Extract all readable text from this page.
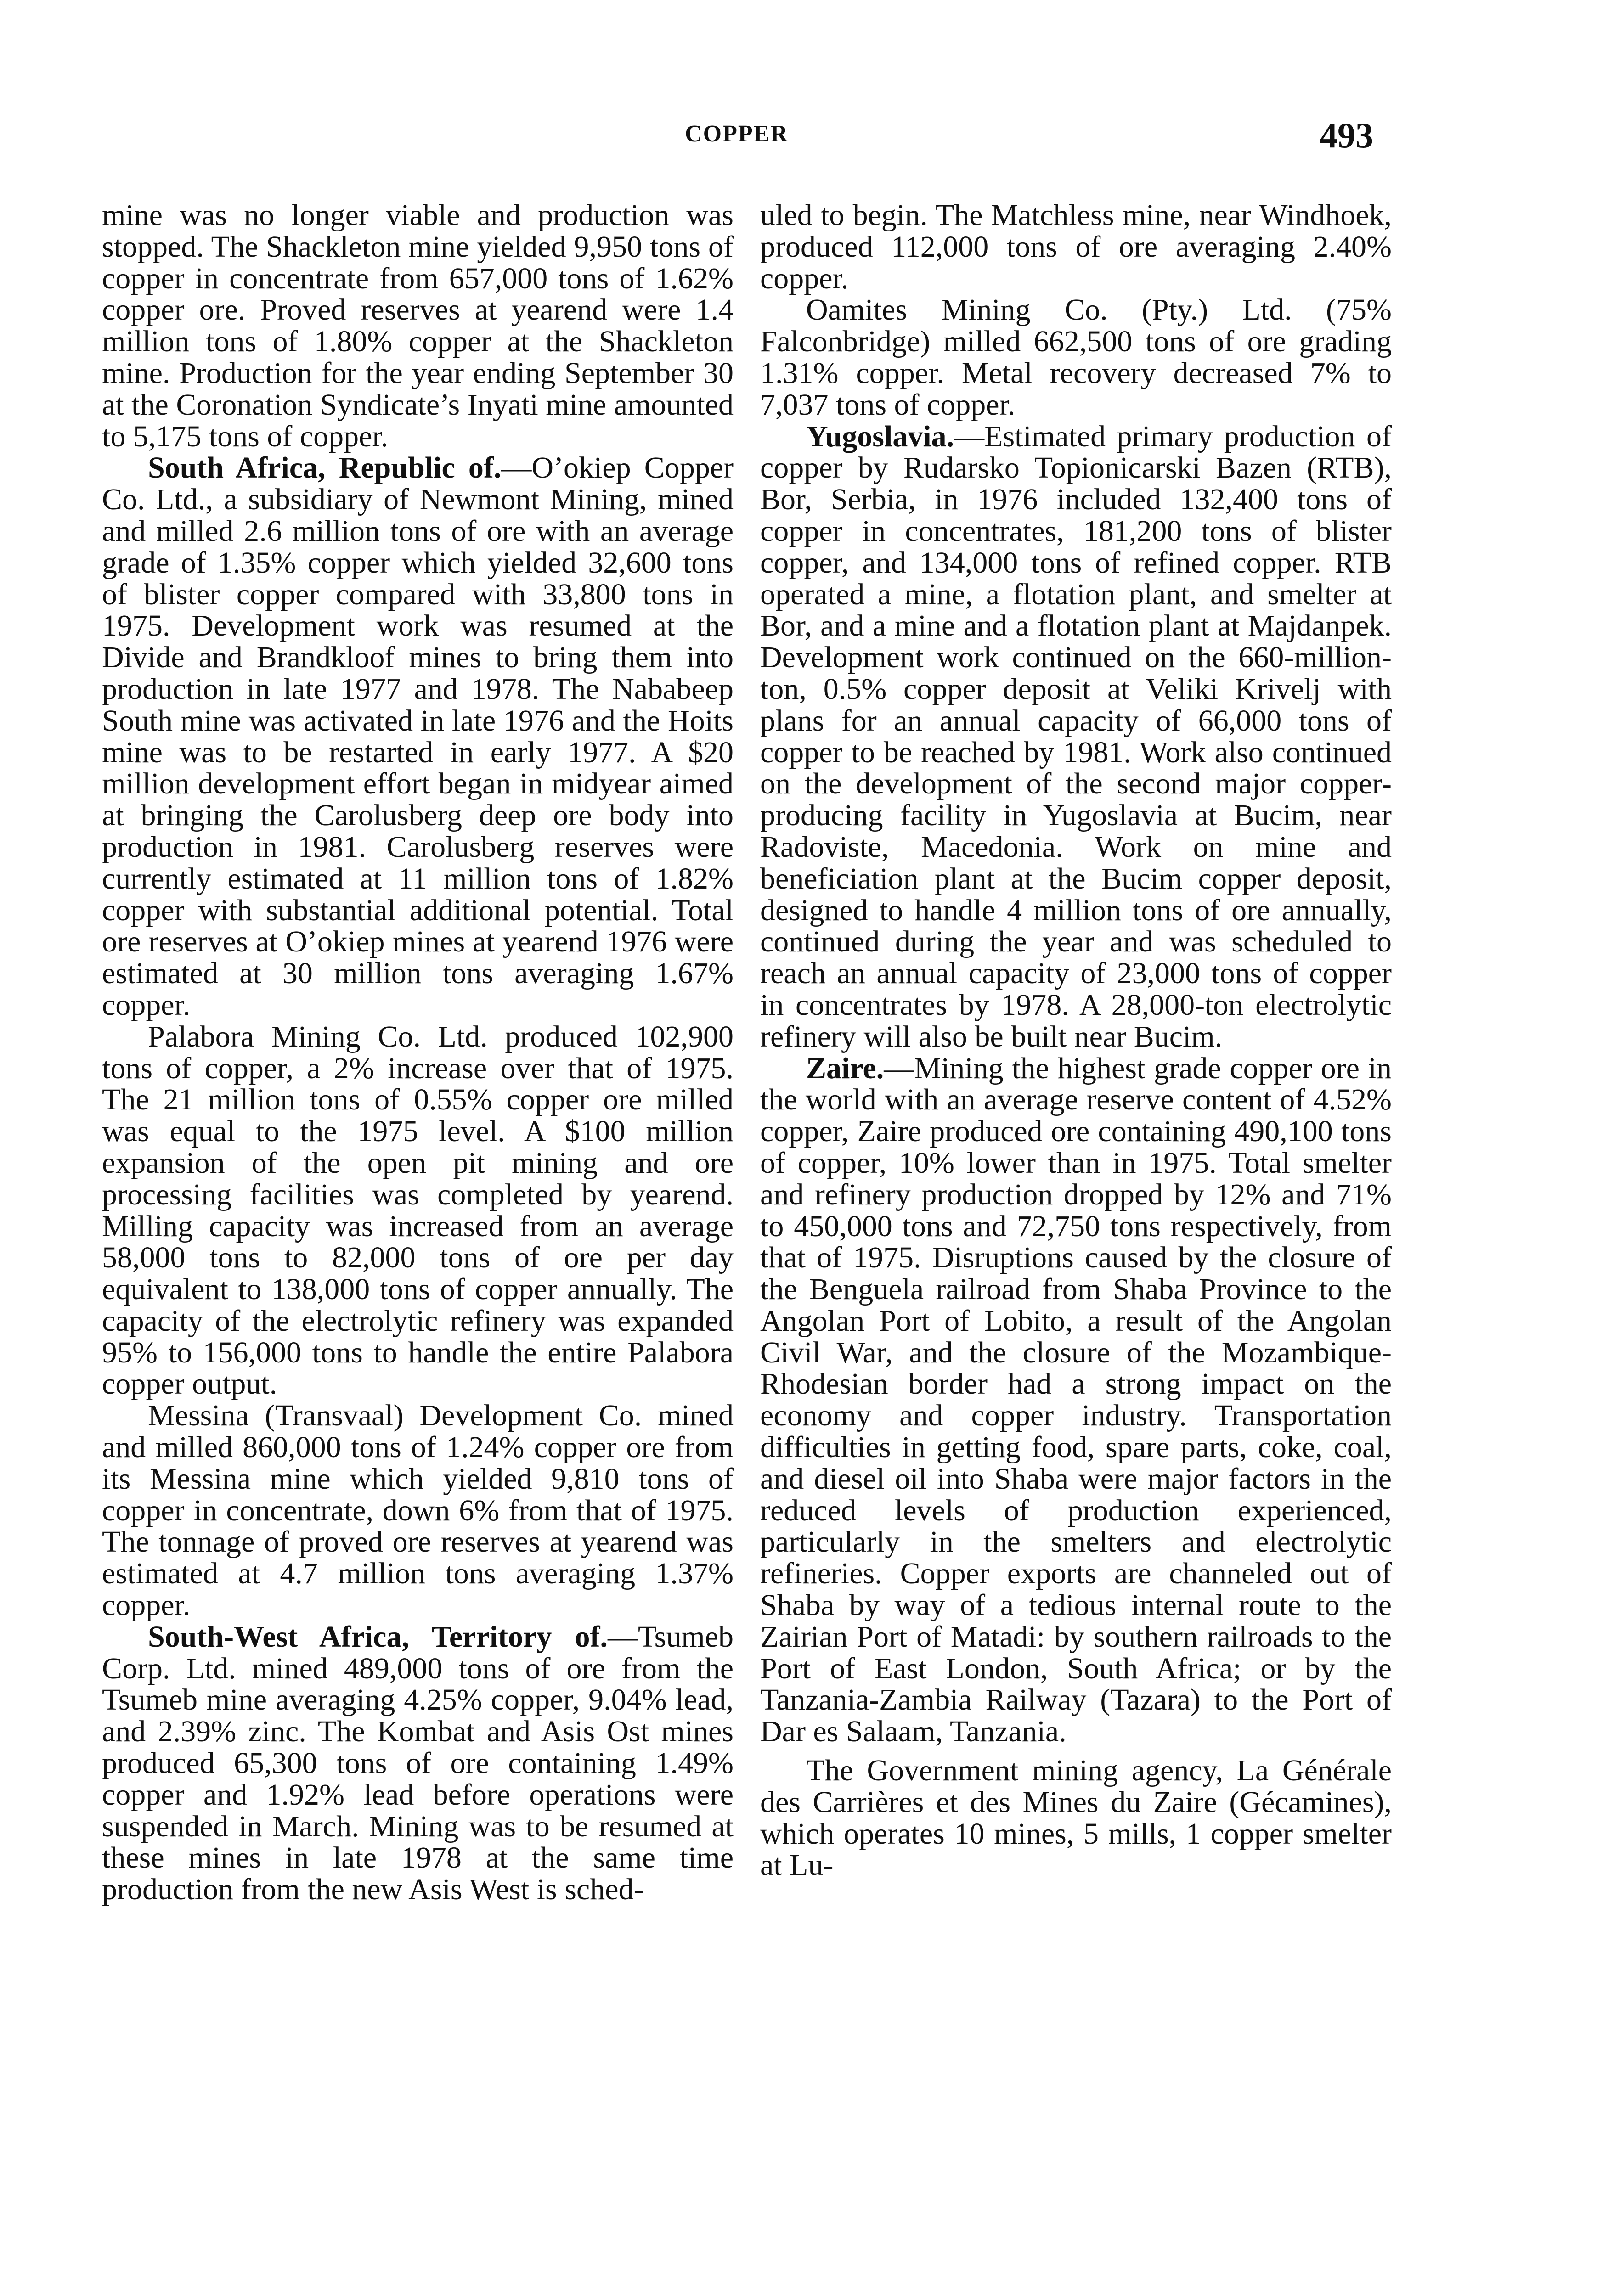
COPPER	493

mine was no longer viable and production was stopped. The Shackleton mine yielded 9,950 tons of copper in concentrate from 657,000 tons of 1.62% copper ore. Proved reserves at yearend were 1.4 million tons of 1.80% copper at the Shackleton mine. Production for the year ending September 30 at the Coronation Syndicate’s Inyati mine amounted to 5,175 tons of copper.

South Africa, Republic of.—O’okiep Copper Co. Ltd., a subsidiary of Newmont Mining, mined and milled 2.6 million tons of ore with an average grade of 1.35% copper which yielded 32,600 tons of blister copper compared with 33,800 tons in 1975. Development work was resumed at the Divide and Brandkloof mines to bring them into production in late 1977 and 1978. The Nababeep South mine was activated in late 1976 and the Hoits mine was to be restarted in early 1977. A $20 million development effort began in midyear aimed at bringing the Carolusberg deep ore body into production in 1981. Carolusberg reserves were currently estimated at 11 million tons of 1.82% copper with substantial additional potential. Total ore reserves at O’okiep mines at yearend 1976 were estimated at 30 million tons averaging 1.67% copper.

Palabora Mining Co. Ltd. produced 102,900 tons of copper, a 2% increase over that of 1975. The 21 million tons of 0.55% copper ore milled was equal to the 1975 level. A $100 million expansion of the open pit mining and ore processing facilities was completed by yearend. Milling capacity was increased from an average 58,000 tons to 82,000 tons of ore per day equivalent to 138,000 tons of copper annually. The capacity of the electrolytic refinery was expanded 95% to 156,000 tons to handle the entire Palabora copper output.

Messina (Transvaal) Development Co. mined and milled 860,000 tons of 1.24% copper ore from its Messina mine which yielded 9,810 tons of copper in concentrate, down 6% from that of 1975. The tonnage of proved ore reserves at yearend was estimated at 4.7 million tons averaging 1.37% copper.

South-West Africa, Territory of.—Tsumeb Corp. Ltd. mined 489,000 tons of ore from the Tsumeb mine averaging 4.25% copper, 9.04% lead, and 2.39% zinc. The Kombat and Asis Ost mines produced 65,300 tons of ore containing 1.49% copper and 1.92% lead before operations were suspended in March. Mining was to be resumed at these mines in late 1978 at the same time production from the new Asis West is sched-

uled to begin. The Matchless mine, near Windhoek, produced 112,000 tons of ore averaging 2.40% copper.

Oamites Mining Co. (Pty.) Ltd. (75% Falconbridge) milled 662,500 tons of ore grading 1.31% copper. Metal recovery decreased 7% to 7,037 tons of copper.

Yugoslavia.—Estimated primary production of copper by Rudarsko Topionicarski Bazen (RTB), Bor, Serbia, in 1976 included 132,400 tons of copper in concentrates, 181,200 tons of blister copper, and 134,000 tons of refined copper. RTB operated a mine, a flotation plant, and smelter at Bor, and a mine and a flotation plant at Majdanpek. Development work continued on the 660-million-ton, 0.5% copper deposit at Veliki Krivelj with plans for an annual capacity of 66,000 tons of copper to be reached by 1981. Work also continued on the development of the second major copper-producing facility in Yugoslavia at Bucim, near Radoviste, Macedonia. Work on mine and beneficiation plant at the Bucim copper deposit, designed to handle 4 million tons of ore annually, continued during the year and was scheduled to reach an annual capacity of 23,000 tons of copper in concentrates by 1978. A 28,000-ton electrolytic refinery will also be built near Bucim.

Zaire.—Mining the highest grade copper ore in the world with an average reserve content of 4.52% copper, Zaire produced ore containing 490,100 tons of copper, 10% lower than in 1975. Total smelter and refinery production dropped by 12% and 71% to 450,000 tons and 72,750 tons respectively, from that of 1975. Disruptions caused by the closure of the Benguela railroad from Shaba Province to the Angolan Port of Lobito, a result of the Angolan Civil War, and the closure of the Mozambique-Rhodesian border had a strong impact on the economy and copper industry. Transportation difficulties in getting food, spare parts, coke, coal, and diesel oil into Shaba were major factors in the reduced levels of production experienced, particularly in the smelters and electrolytic refineries. Copper exports are channeled out of Shaba by way of a tedious internal route to the Zairian Port of Matadi: by southern railroads to the Port of East London, South Africa; or by the Tanzania-Zambia Railway (Tazara) to the Port of Dar es Salaam, Tanzania.

The Government mining agency, La Générale des Carrières et des Mines du Zaire (Gécamines), which operates 10 mines, 5 mills, 1 copper smelter at Lu-
